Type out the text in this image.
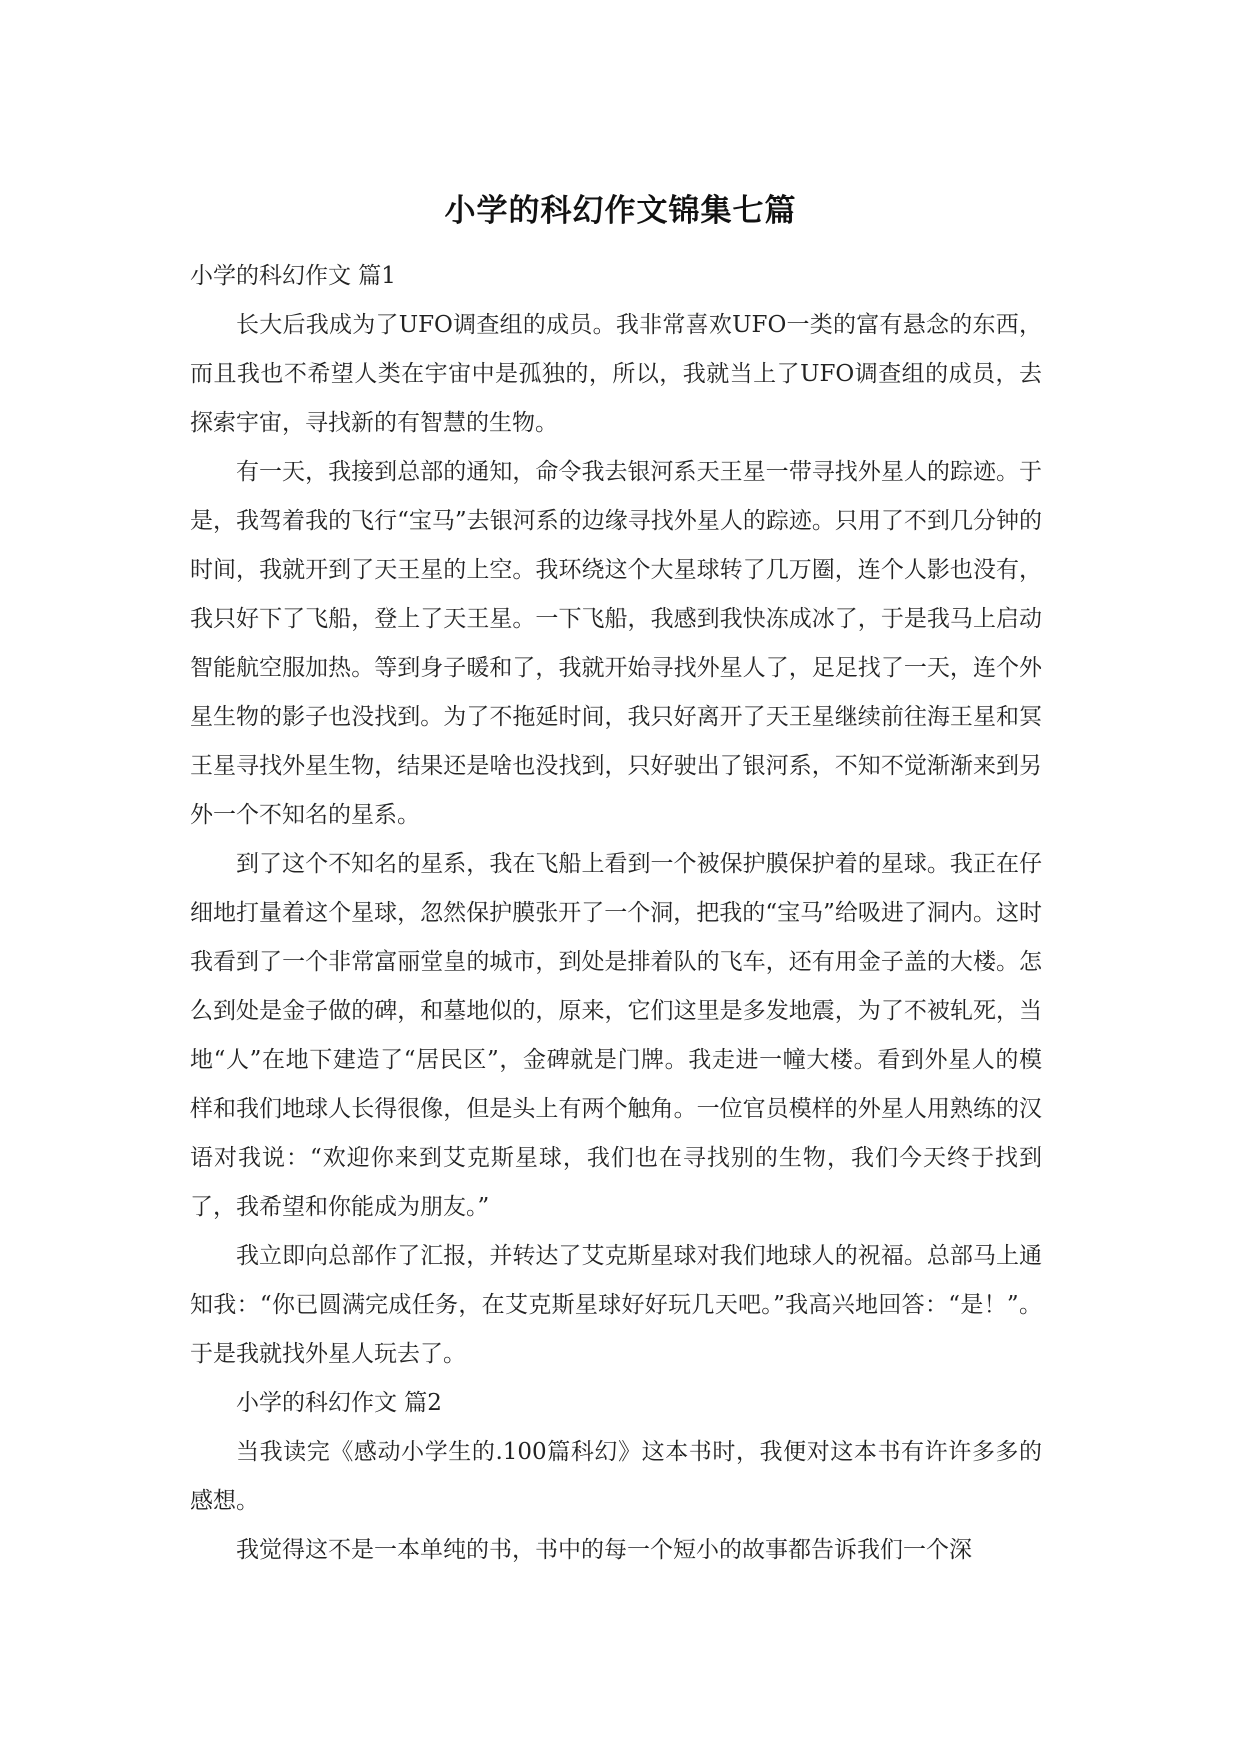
小学的科幻作文锦集七篇

小学的科幻作文 篇1

长大后我成为了UFO调查组的成员。我非常喜欢UFO一类的富有悬念的东西，而且我也不希望人类在宇宙中是孤独的，所以，我就当上了UFO调查组的成员，去探索宇宙，寻找新的有智慧的生物。

有一天，我接到总部的通知，命令我去银河系天王星一带寻找外星人的踪迹。于是，我驾着我的飞行“宝马”去银河系的边缘寻找外星人的踪迹。只用了不到几分钟的时间，我就开到了天王星的上空。我环绕这个大星球转了几万圈，连个人影也没有，我只好下了飞船，登上了天王星。一下飞船，我感到我快冻成冰了，于是我马上启动智能航空服加热。等到身子暖和了，我就开始寻找外星人了，足足找了一天，连个外星生物的影子也没找到。为了不拖延时间，我只好离开了天王星继续前往海王星和冥王星寻找外星生物，结果还是啥也没找到，只好驶出了银河系，不知不觉渐渐来到另外一个不知名的星系。

到了这个不知名的星系，我在飞船上看到一个被保护膜保护着的星球。我正在仔细地打量着这个星球，忽然保护膜张开了一个洞，把我的“宝马”给吸进了洞内。这时我看到了一个非常富丽堂皇的城市，到处是排着队的飞车，还有用金子盖的大楼。怎么到处是金子做的碑，和墓地似的，原来，它们这里是多发地震，为了不被轧死，当地“人”在地下建造了“居民区”，金碑就是门牌。我走进一幢大楼。看到外星人的模样和我们地球人长得很像，但是头上有两个触角。一位官员模样的外星人用熟练的汉语对我说：“欢迎你来到艾克斯星球，我们也在寻找别的生物，我们今天终于找到了，我希望和你能成为朋友。”

我立即向总部作了汇报，并转达了艾克斯星球对我们地球人的祝福。总部马上通知我：“你已圆满完成任务，在艾克斯星球好好玩几天吧。”我高兴地回答：“是！”。于是我就找外星人玩去了。

小学的科幻作文 篇2

当我读完《感动小学生的.100篇科幻》这本书时，我便对这本书有许许多多的感想。

我觉得这不是一本单纯的书，书中的每一个短小的故事都告诉我们一个深
